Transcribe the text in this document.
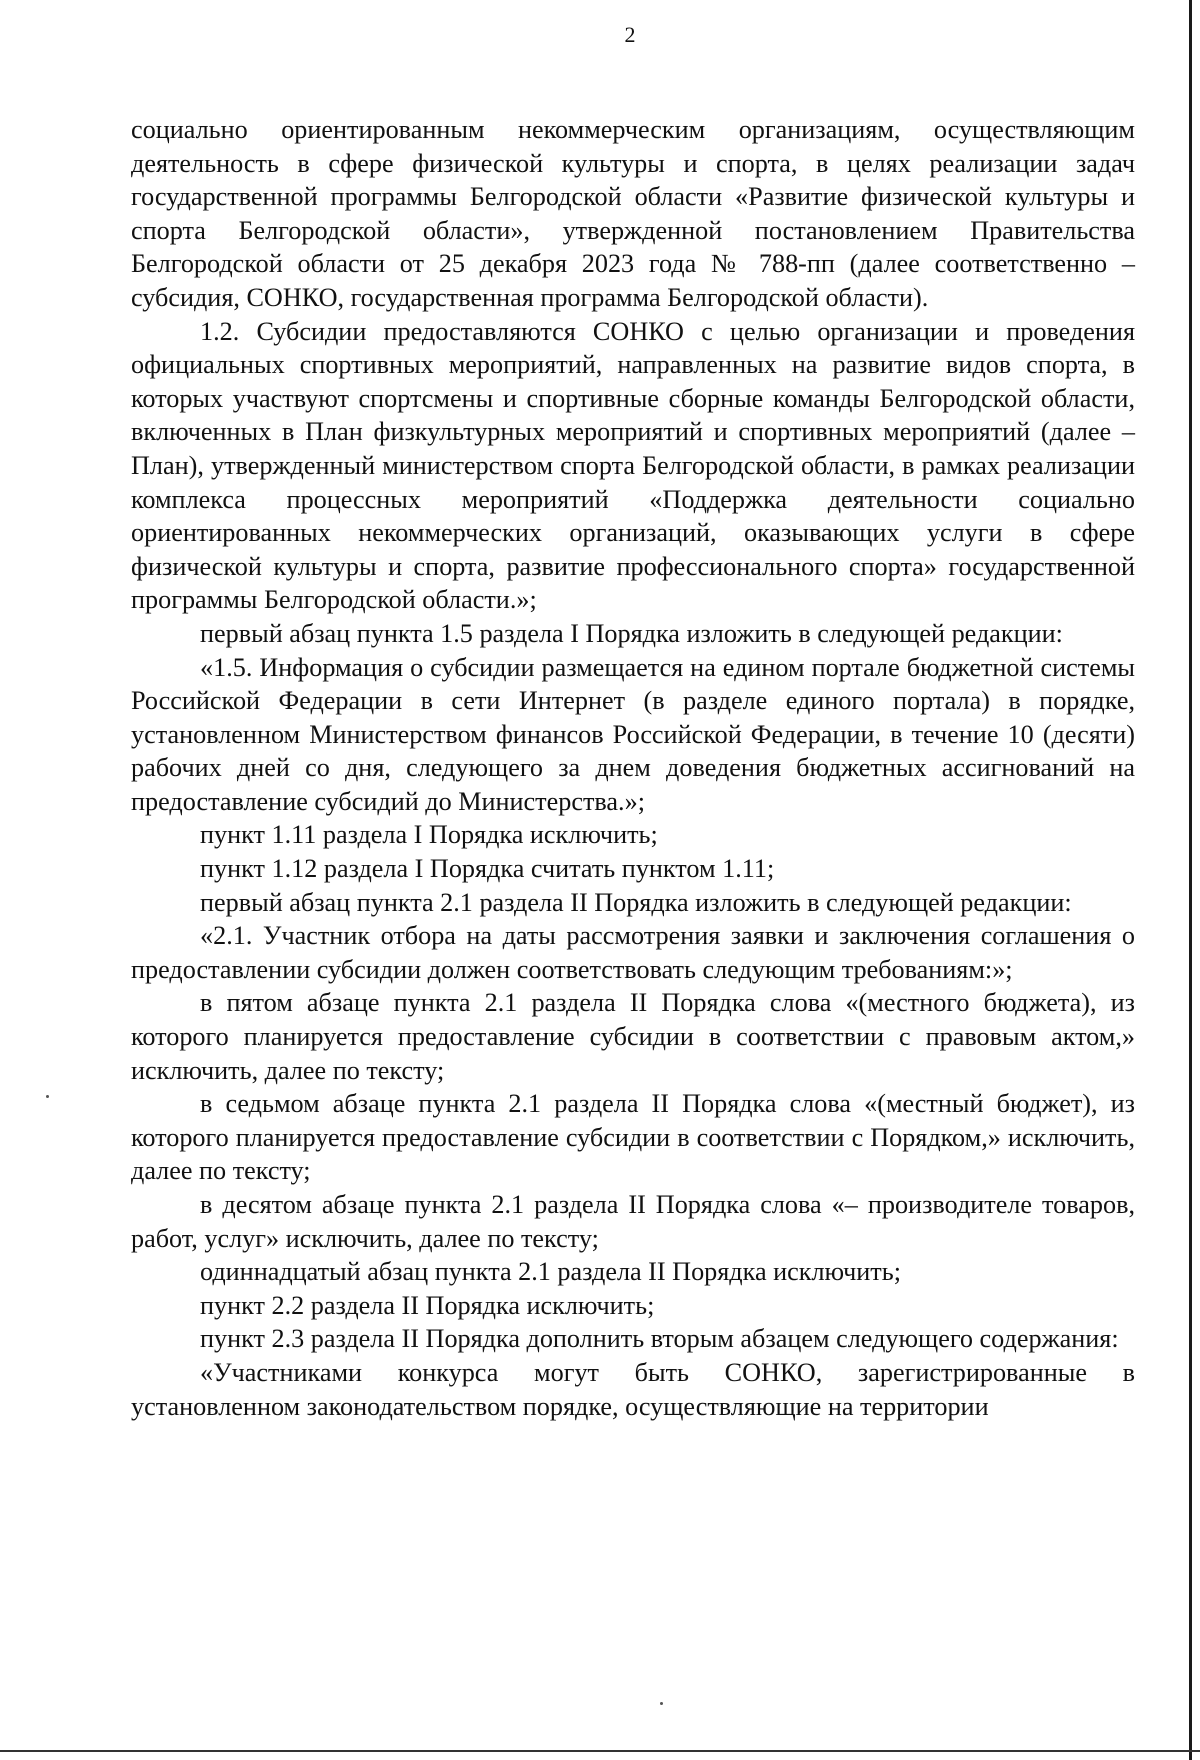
2

социально ориентированным некоммерческим организациям, осуществляющим деятельность в сфере физической культуры и спорта, в целях реализации задач государственной программы Белгородской области «Развитие физической культуры и спорта Белгородской области», утвержденной постановлением Правительства Белгородской области от 25 декабря 2023 года № 788-пп (далее соответственно – субсидия, СОНКО, государственная программа Белгородской области).

1.2. Субсидии предоставляются СОНКО с целью организации и проведения официальных спортивных мероприятий, направленных на развитие видов спорта, в которых участвуют спортсмены и спортивные сборные команды Белгородской области, включенных в План физкультурных мероприятий и спортивных мероприятий (далее – План), утвержденный министерством спорта Белгородской области, в рамках реализации комплекса процессных мероприятий «Поддержка деятельности социально ориентированных некоммерческих организаций, оказывающих услуги в сфере физической культуры и спорта, развитие профессионального спорта» государственной программы Белгородской области.»;

первый абзац пункта 1.5 раздела I Порядка изложить в следующей редакции:

«1.5. Информация о субсидии размещается на едином портале бюджетной системы Российской Федерации в сети Интернет (в разделе единого портала) в порядке, установленном Министерством финансов Российской Федерации, в течение 10 (десяти) рабочих дней со дня, следующего за днем доведения бюджетных ассигнований на предоставление субсидий до Министерства.»;

пункт 1.11 раздела I Порядка исключить;

пункт 1.12 раздела I Порядка считать пунктом 1.11;

первый абзац пункта 2.1 раздела II Порядка изложить в следующей редакции:

«2.1. Участник отбора на даты рассмотрения заявки и заключения соглашения о предоставлении субсидии должен соответствовать следующим требованиям:»;

в пятом абзаце пункта 2.1 раздела II Порядка слова «(местного бюджета), из которого планируется предоставление субсидии в соответствии с правовым актом,» исключить, далее по тексту;

в седьмом абзаце пункта 2.1 раздела II Порядка слова «(местный бюджет), из которого планируется предоставление субсидии в соответствии с Порядком,» исключить, далее по тексту;

в десятом абзаце пункта 2.1 раздела II Порядка слова «– производителе товаров, работ, услуг» исключить, далее по тексту;

одиннадцатый абзац пункта 2.1 раздела II Порядка исключить;

пункт 2.2 раздела II Порядка исключить;

пункт 2.3 раздела II Порядка дополнить вторым абзацем следующего содержания:

«Участниками конкурса могут быть СОНКО, зарегистрированные в установленном законодательством порядке, осуществляющие на территории
